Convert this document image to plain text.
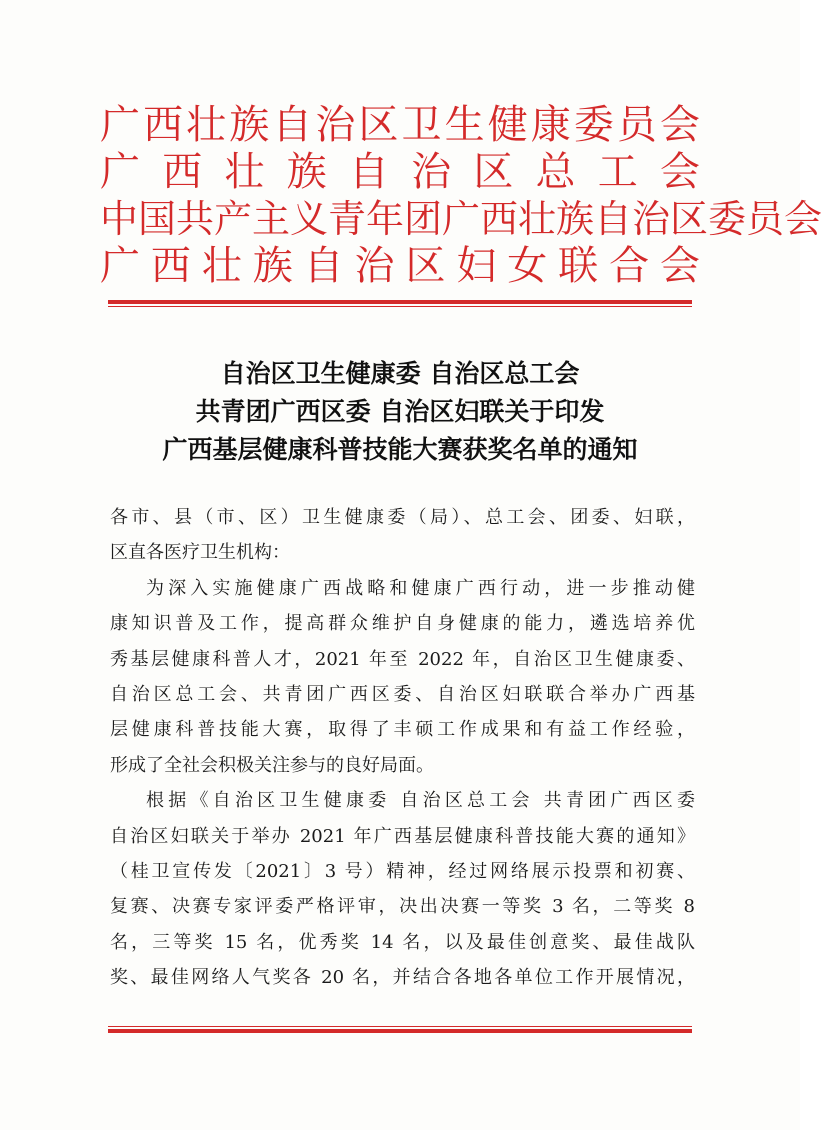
广西壮族自治区卫生健康委员会
广西壮族自治区总工会
中国共产主义青年团广西壮族自治区委员会
广西壮族自治区妇女联合会
自治区卫生健康委 自治区总工会
共青团广西区委 自治区妇联关于印发
广西基层健康科普技能大赛获奖名单的通知

各市、县（市、区）卫生健康委（局）、总工会、团委、妇联，

区直各医疗卫生机构：

为深入实施健康广西战略和健康广西行动，进一步推动健

康知识普及工作，提高群众维护自身健康的能力，遴选培养优

秀基层健康科普人才，2021 年至 2022 年，自治区卫生健康委、

自治区总工会、共青团广西区委、自治区妇联联合举办广西基

层健康科普技能大赛，取得了丰硕工作成果和有益工作经验，

形成了全社会积极关注参与的良好局面。

根据《自治区卫生健康委 自治区总工会 共青团广西区委

自治区妇联关于举办 2021 年广西基层健康科普技能大赛的通知》

（桂卫宣传发〔2021〕3 号）精神，经过网络展示投票和初赛、

复赛、决赛专家评委严格评审，决出决赛一等奖 3 名，二等奖 8

名，三等奖 15 名，优秀奖 14 名，以及最佳创意奖、最佳战队

奖、最佳网络人气奖各 20 名，并结合各地各单位工作开展情况，
